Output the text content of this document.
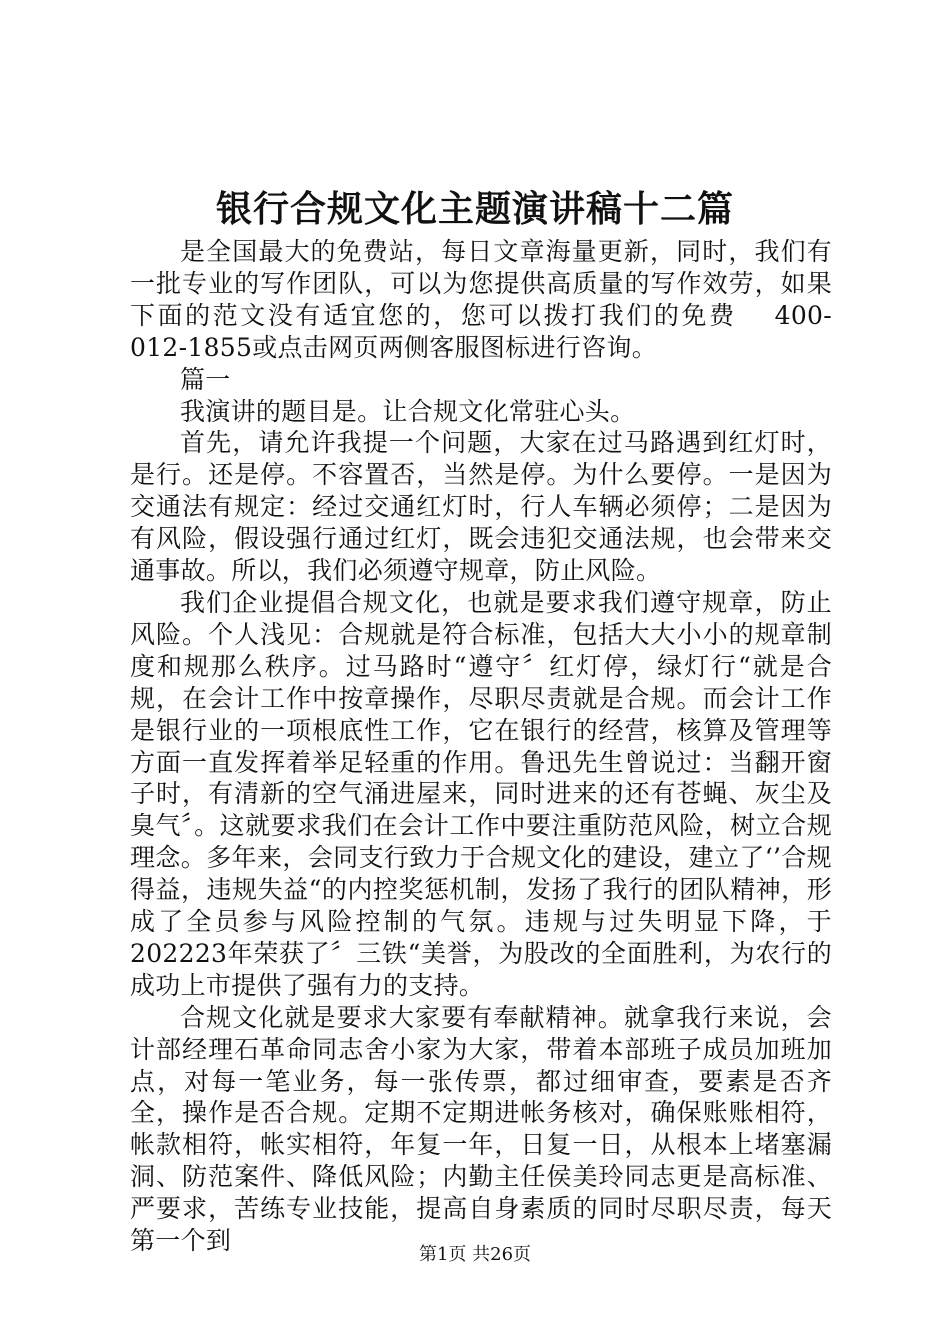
银行合规文化主题演讲稿十二篇

是全国最大的免费站，每日文章海量更新，同时，我们有一批专业的写作团队，可以为您提供高质量的写作效劳，如果下面的范文没有适宜您的，您可以拨打我们的免费　 400-012-1855或点击网页两侧客服图标进行咨询。

篇一

我演讲的题目是。让合规文化常驻心头。

首先，请允许我提一个问题，大家在过马路遇到红灯时，是行。还是停。不容置否，当然是停。为什么要停。一是因为交通法有规定：经过交通红灯时，行人车辆必须停；二是因为有风险，假设强行通过红灯，既会违犯交通法规，也会带来交通事故。所以，我们必须遵守规章，防止风险。

我们企业提倡合规文化，也就是要求我们遵守规章，防止风险。个人浅见：合规就是符合标准，包括大大小小的规章制度和规那么秩序。过马路时“遵守〞红灯停，绿灯行“就是合规，在会计工作中按章操作，尽职尽责就是合规。而会计工作是银行业的一项根底性工作，它在银行的经营，核算及管理等方面一直发挥着举足轻重的作用。鲁迅先生曾说过：当翻开窗子时，有清新的空气涌进屋来，同时进来的还有苍蝇、灰尘及臭气〞。这就要求我们在会计工作中要注重防范风险，树立合规理念。多年来，会同支行致力于合规文化的建设，建立了‘’合规得益，违规失益“的内控奖惩机制，发扬了我行的团队精神，形成了全员参与风险控制的气氛。违规与过失明显下降，于202223年荣获了〞三铁“美誉，为股改的全面胜利，为农行的成功上市提供了强有力的支持。

合规文化就是要求大家要有奉献精神。就拿我行来说，会计部经理石革命同志舍小家为大家，带着本部班子成员加班加点，对每一笔业务，每一张传票，都过细审查，要素是否齐全，操作是否合规。定期不定期进帐务核对，确保账账相符，帐款相符，帐实相符，年复一年，日复一日，从根本上堵塞漏洞、防范案件、降低风险；内勤主任侯美玲同志更是高标准、严要求，苦练专业技能，提高自身素质的同时尽职尽责，每天第一个到	第1页 共26页
